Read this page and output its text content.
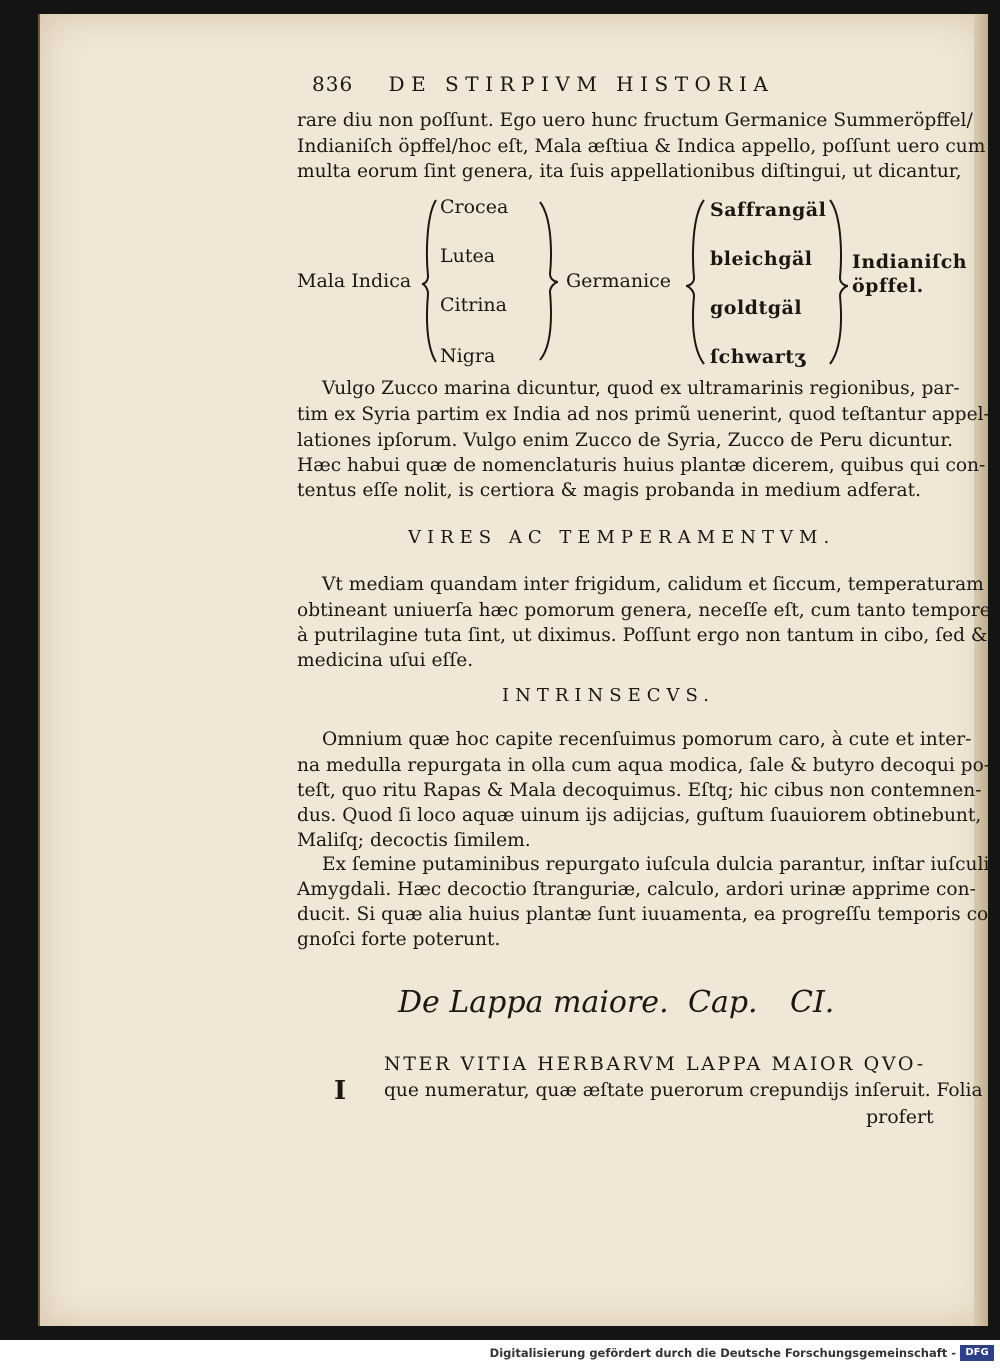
836 DE STIRPIVM HISTORIA
rare diu non poſſunt. Ego uero hunc fructum Germanice Summeröpffel/
Indianiſch öpffel/hoc eſt, Mala æſtiua & Indica appello, poſſunt uero cum
multa eorum ſint genera, ita ſuis appellationibus diſtingui, ut dicantur,
Mala Indica
Crocea
Lutea
Citrina
Nigra
Germanice
Saffrangäl
bleichgäl
goldtgäl
ſchwartʒ
Indianiſch
öpffel.
Vulgo Zucco marina dicuntur, quod ex ultramarinis regionibus, par-
tim ex Syria partim ex India ad nos primũ uenerint, quod teſtantur appel-
lationes ipſorum. Vulgo enim Zucco de Syria, Zucco de Peru dicuntur.
Hæc habui quæ de nomenclaturis huius plantæ dicerem, quibus qui con-
tentus eſſe nolit, is certiora & magis probanda in medium adferat.
VIRES AC TEMPERAMENTVM.
Vt mediam quandam inter frigidum, calidum et ſiccum, temperaturam
obtineant uniuerſa hæc pomorum genera, neceſſe eſt, cum tanto tempore
à putrilagine tuta ſint, ut diximus. Poſſunt ergo non tantum in cibo, ſed &
medicina uſui eſſe.
INTRINSECVS.
Omnium quæ hoc capite recenſuimus pomorum caro, à cute et inter-
na medulla repurgata in olla cum aqua modica, ſale & butyro decoqui po-
teſt, quo ritu Rapas & Mala decoquimus. Eſtq; hic cibus non contemnen-
dus. Quod ſi loco aquæ uinum ijs adijcias, guſtum ſuauiorem obtinebunt,
Maliſq; decoctis ſimilem.
Ex ſemine putaminibus repurgato iuſcula dulcia parantur, inſtar iuſculi
Amygdali. Hæc decoctio ſtranguriæ, calculo, ardori urinæ apprime con-
ducit. Si quæ alia huius plantæ ſunt iuuamenta, ea progreſſu temporis co-
gnoſci forte poterunt.
De Lappa maiore. Cap. CI.
I
NTER VITIA HERBARVM LAPPA MAIOR QVO-
que numeratur, quæ æſtate puerorum crepundijs inſeruit. Folia
profert
Digitalisierung gefördert durch die Deutsche Forschungsgemeinschaft - DFG
